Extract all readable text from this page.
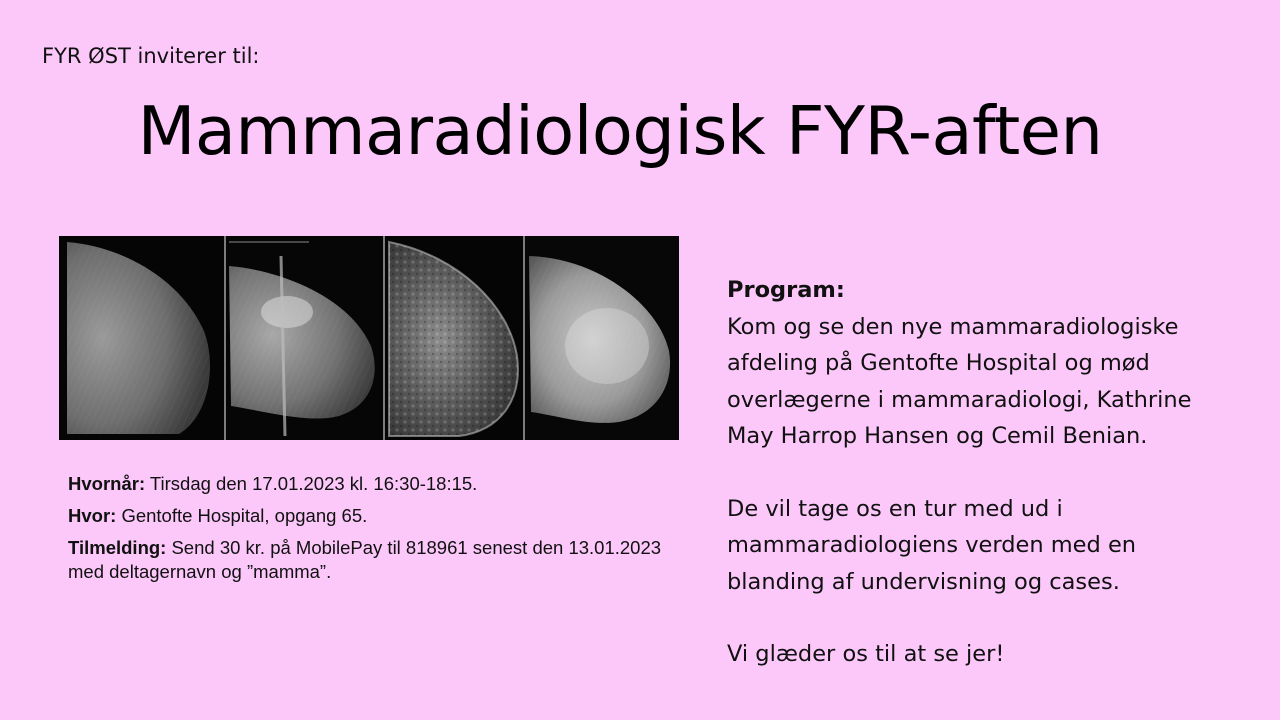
FYR ØST inviterer til:
Mammaradiologisk FYR-aften

Hvornår: Tirsdag den 17.01.2023 kl. 16:30-18:15.

Hvor: Gentofte Hospital, opgang 65.

Tilmelding: Send 30 kr. på MobilePay til 818961 senest den 13.01.2023 med deltagernavn og ”mamma”.

Program:

Kom og se den nye mammaradiologiske

afdeling på Gentofte Hospital og mød

overlægerne i mammaradiologi, Kathrine

May Harrop Hansen og Cemil Benian.

De vil tage os en tur med ud i

mammaradiologiens verden med en

blanding af undervisning og cases.

Vi glæder os til at se jer!
